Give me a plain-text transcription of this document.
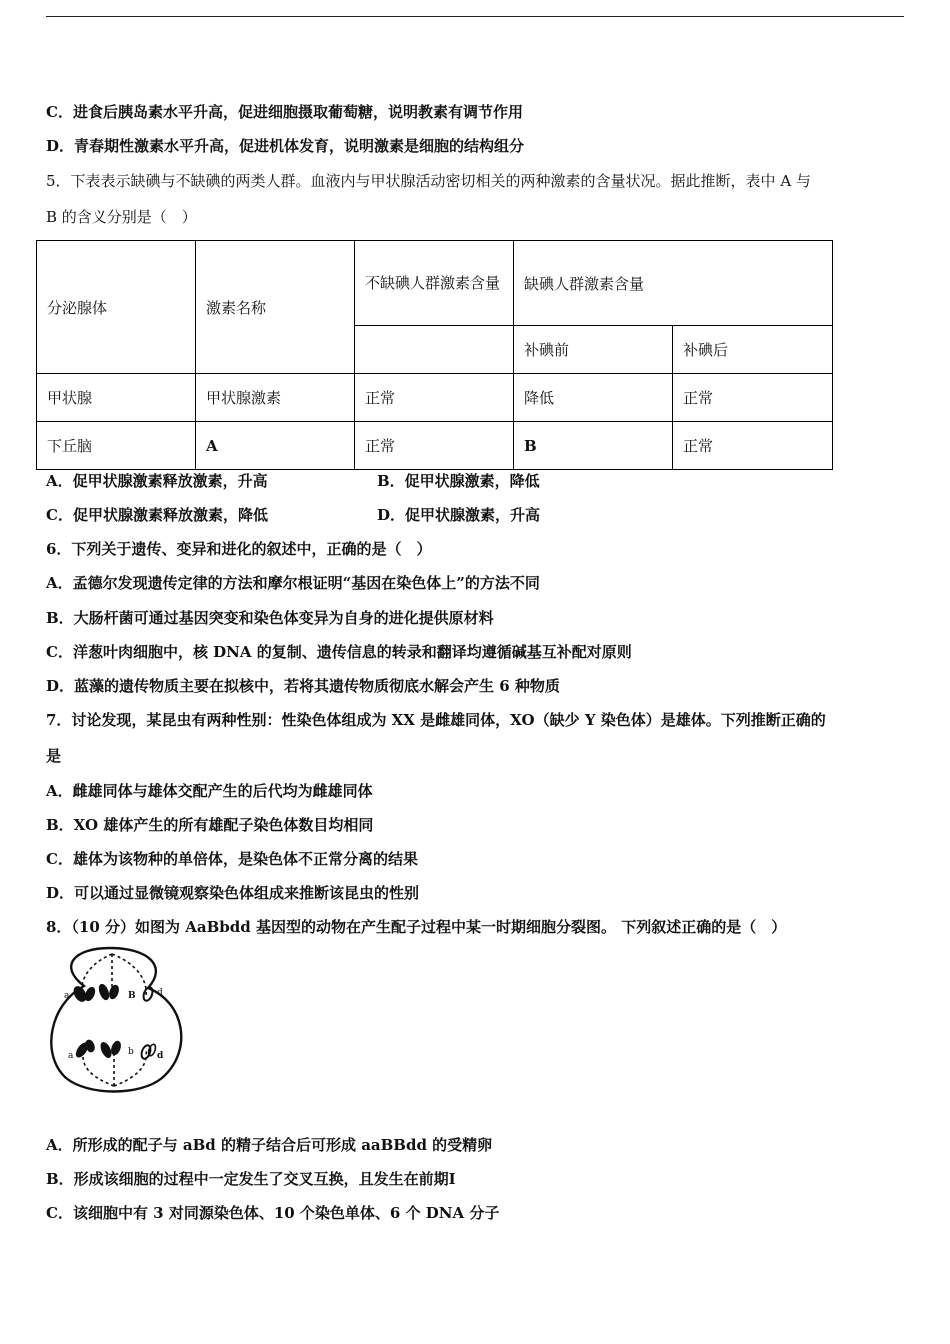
C．进食后胰岛素水平升高，促进细胞摄取葡萄糖，说明教素有调节作用
D．青春期性激素水平升高，促进机体发育，说明激素是细胞的结构组分
5．下表表示缺碘与不缺碘的两类人群。血液内与甲状腺活动密切相关的两种激素的含量状况。据此推断，表中 A 与
B 的含义分别是（　）
分泌腺体	激素名称	不缺碘人群激素含量	缺碘人群激素含量	
			补碘前	补碘后
甲状腺	甲状腺激素	正常	降低	正常
下丘脑	A	正常	B	正常
A．促甲状腺激素释放激素，升高	B．促甲状腺激素，降低
C．促甲状腺激素释放激素，降低	D．促甲状腺激素，升高
6．下列关于遗传、变异和进化的叙述中，正确的是（　）
A．孟德尔发现遗传定律的方法和摩尔根证明“基因在染色体上”的方法不同
B．大肠杆菌可通过基因突变和染色体变异为自身的进化提供原材料
C．洋葱叶肉细胞中，核 DNA 的复制、遗传信息的转录和翻译均遵循碱基互补配对原则
D．蓝藻的遗传物质主要在拟核中，若将其遗传物质彻底水解会产生 6 种物质
7．讨论发现，某昆虫有两种性别：性染色体组成为 XX 是雌雄同体，XO（缺少 Y 染色体）是雄体。下列推断正确的
是
A．雌雄同体与雄体交配产生的后代均为雌雄同体
B．XO 雄体产生的所有雄配子染色体数目均相同
C．雄体为该物种的单倍体，是染色体不正常分离的结果
D．可以通过显微镜观察染色体组成来推断该昆虫的性别
8．（10 分）如图为 AaBbdd 基因型的动物在产生配子过程中某一时期细胞分裂图。 下列叙述正确的是（　）
a	B d
a	b	d
A．所形成的配子与 aBd 的精子结合后可形成 aaBBdd 的受精卵
B．形成该细胞的过程中一定发生了交叉互换，且发生在前期Ⅰ
C．该细胞中有 3 对同源染色体、10 个染色单体、6 个 DNA 分子
